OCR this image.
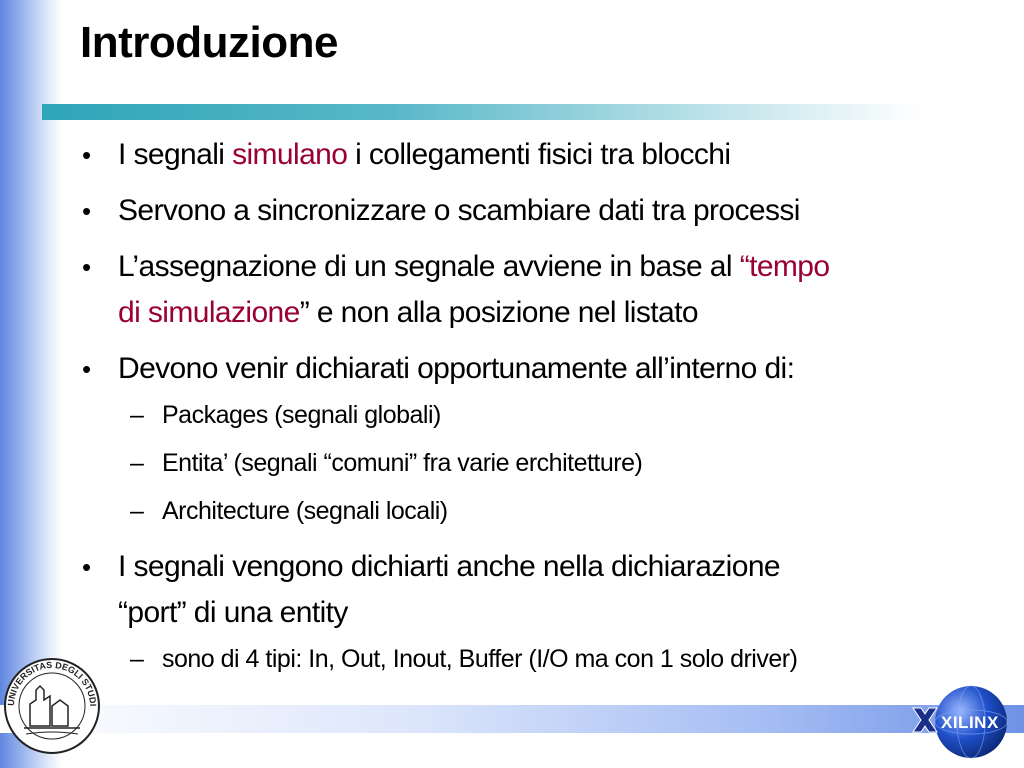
Introduzione
• I segnali simulano i collegamenti fisici tra blocchi
• Servono a sincronizzare o scambiare dati tra processi
• L’assegnazione di un segnale avviene in base al “tempo
di simulazione” e non alla posizione nel listato
• Devono venir dichiarati opportunamente all’interno di:
– Packages (segnali globali)
– Entita’ (segnali “comuni” fra varie erchitetture)
– Architecture (segnali locali)
• I segnali vengono dichiarti anche nella dichiarazione
“port” di una entity
– sono di 4 tipi: In, Out, Inout, Buffer (I/O ma con 1 solo driver)
UNIVERSITAS DEGLI STUDI
XILINX
